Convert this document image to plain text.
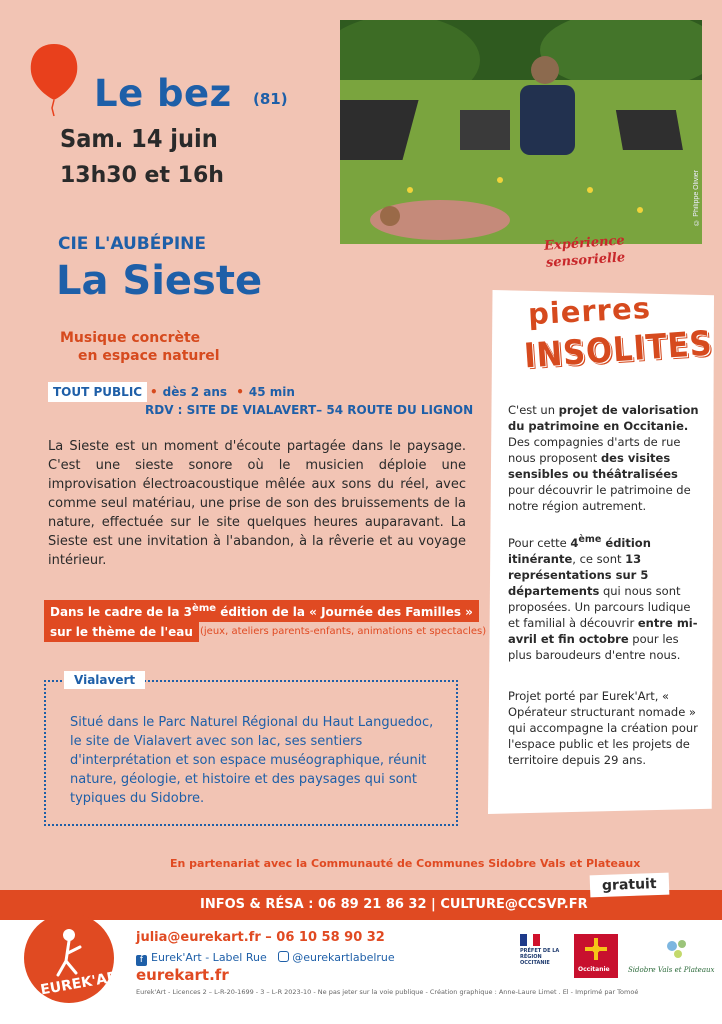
Le bez (81)
Sam. 14 juin
13h30 et 16h	© Philippe Olivier
Expérience sensorielle
CIE L'AUBÉPINE
La Sieste
Musique concrète
en espace naturel
TOUT PUBLIC • dès 2 ans • 45 min
RDV : SITE DE VIALAVERT– 54 ROUTE DU LIGNON

La Sieste est un moment d'écoute partagée dans le paysage. C'est une sieste sonore où le musicien déploie une improvisation électroacoustique mêlée aux sons du réel, avec comme seul matériau, une prise de son des bruissements de la nature, effectuée sur le site quelques heures auparavant. La Sieste est une invitation à l'abandon, à la rêverie et au voyage intérieur.

Dans le cadre de la 3ème édition de la « Journée des Familles »
sur le thème de l'eau (jeux, ateliers parents-enfants, animations et spectacles)
Vialavert

Situé dans le Parc Naturel Régional du Haut Languedoc, le site de Vialavert avec son lac, ses sentiers d'interprétation et son espace muséographique, réunit nature, géologie, et histoire et des paysages qui sont typiques du Sidobre.

pierres
INSOLITES

C'est un projet de valorisation du patrimoine en Occitanie. Des compagnies d'arts de rue nous proposent des visites sensibles ou théâtralisées pour découvrir le patrimoine de notre région autrement.

Pour cette 4ème édition itinérante, ce sont 13 représentations sur 5 départements qui nous sont proposées. Un parcours ludique et familial à découvrir entre mi-avril et fin octobre pour les plus baroudeurs d'entre nous.

Projet porté par Eurek'Art, « Opérateur structurant nomade » qui accompagne la création pour l'espace public et les projets de territoire depuis 29 ans.

En partenariat avec la Communauté de Communes Sidobre Vals et Plateaux
INFOS & RÉSA : 06 89 21 86 32 | CULTURE@CCSVP.FR
gratuit
EUREK'ART
julia@eurekart.fr – 06 10 58 90 32
f Eurek'Art - Label Rue @eurekartlabelrue
eurekart.fr
Eurek'Art - Licences 2 – L-R-20-1699 - 3 – L-R 2023-10 - Ne pas jeter sur la voie publique - Création graphique : Anne-Laure Limet . El - Imprimé par Tomoé
PRÉFET DE LA RÉGION OCCITANIE
Occitanie	Sidobre Vals et Plateaux
